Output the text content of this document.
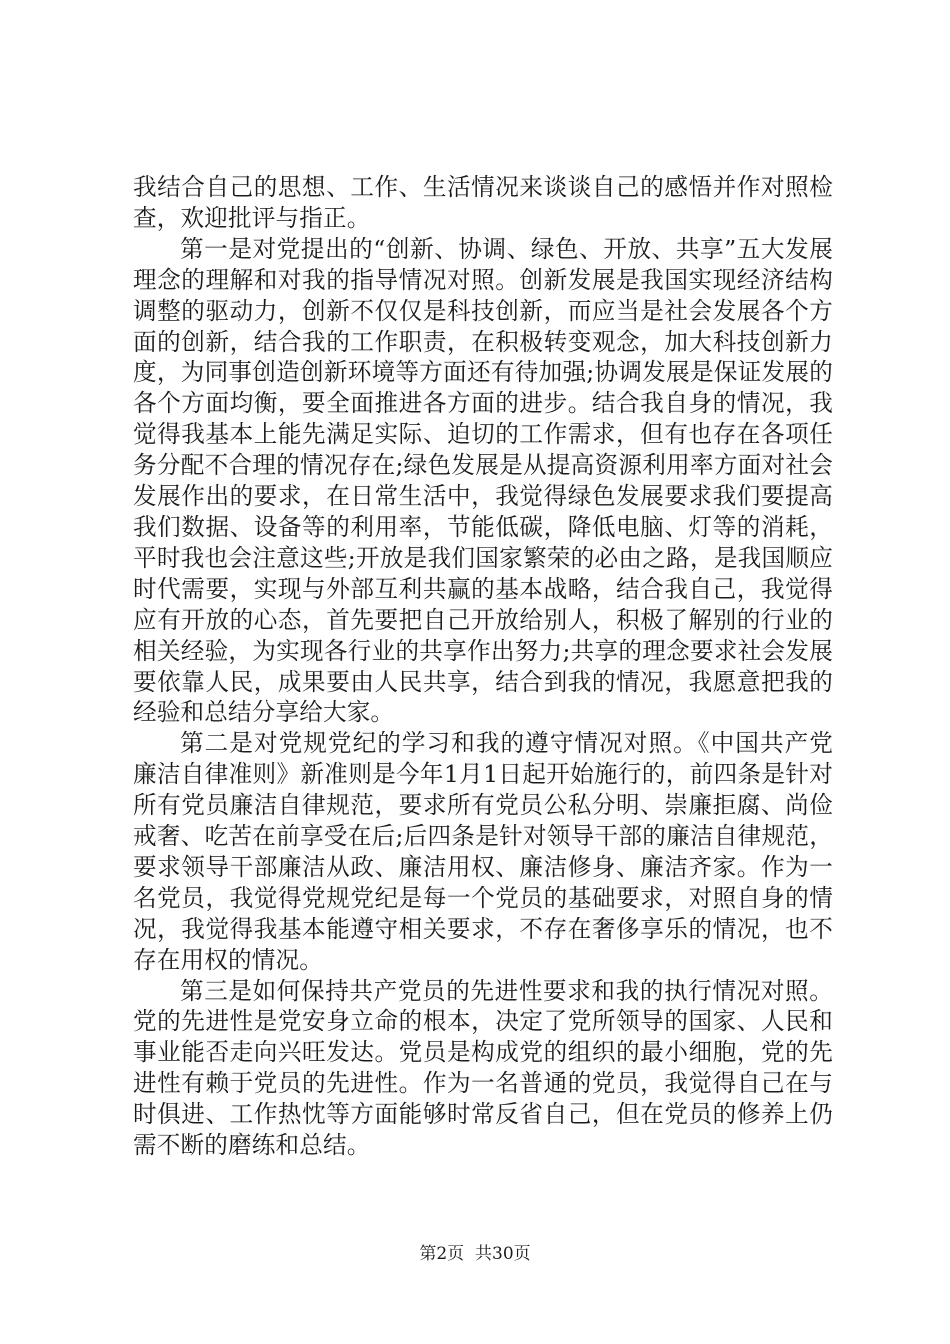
我结合自己的思想、工作、生活情况来谈谈自己的感悟并作对照检查，欢迎批评与指正。

第一是对党提出的“创新、协调、绿色、开放、共享”五大发展理念的理解和对我的指导情况对照。创新发展是我国实现经济结构调整的驱动力，创新不仅仅是科技创新，而应当是社会发展各个方面的创新，结合我的工作职责，在积极转变观念，加大科技创新力度，为同事创造创新环境等方面还有待加强;协调发展是保证发展的各个方面均衡，要全面推进各方面的进步。结合我自身的情况，我觉得我基本上能先满足实际、迫切的工作需求，但有也存在各项任务分配不合理的情况存在;绿色发展是从提高资源利用率方面对社会发展作出的要求，在日常生活中，我觉得绿色发展要求我们要提高我们数据、设备等的利用率，节能低碳，降低电脑、灯等的消耗，平时我也会注意这些;开放是我们国家繁荣的必由之路，是我国顺应时代需要，实现与外部互利共赢的基本战略，结合我自己，我觉得应有开放的心态，首先要把自己开放给别人，积极了解别的行业的相关经验，为实现各行业的共享作出努力;共享的理念要求社会发展要依靠人民，成果要由人民共享，结合到我的情况，我愿意把我的经验和总结分享给大家。

第二是对党规党纪的学习和我的遵守情况对照。《中国共产党廉洁自律准则》新准则是今年1月1日起开始施行的，前四条是针对所有党员廉洁自律规范，要求所有党员公私分明、崇廉拒腐、尚俭戒奢、吃苦在前享受在后;后四条是针对领导干部的廉洁自律规范，要求领导干部廉洁从政、廉洁用权、廉洁修身、廉洁齐家。作为一名党员，我觉得党规党纪是每一个党员的基础要求，对照自身的情况，我觉得我基本能遵守相关要求，不存在奢侈享乐的情况，也不存在用权的情况。

第三是如何保持共产党员的先进性要求和我的执行情况对照。党的先进性是党安身立命的根本，决定了党所领导的国家、人民和事业能否走向兴旺发达。党员是构成党的组织的最小细胞，党的先进性有赖于党员的先进性。作为一名普通的党员，我觉得自己在与时俱进、工作热忱等方面能够时常反省自己，但在党员的修养上仍需不断的磨练和总结。

第2页 共30页
